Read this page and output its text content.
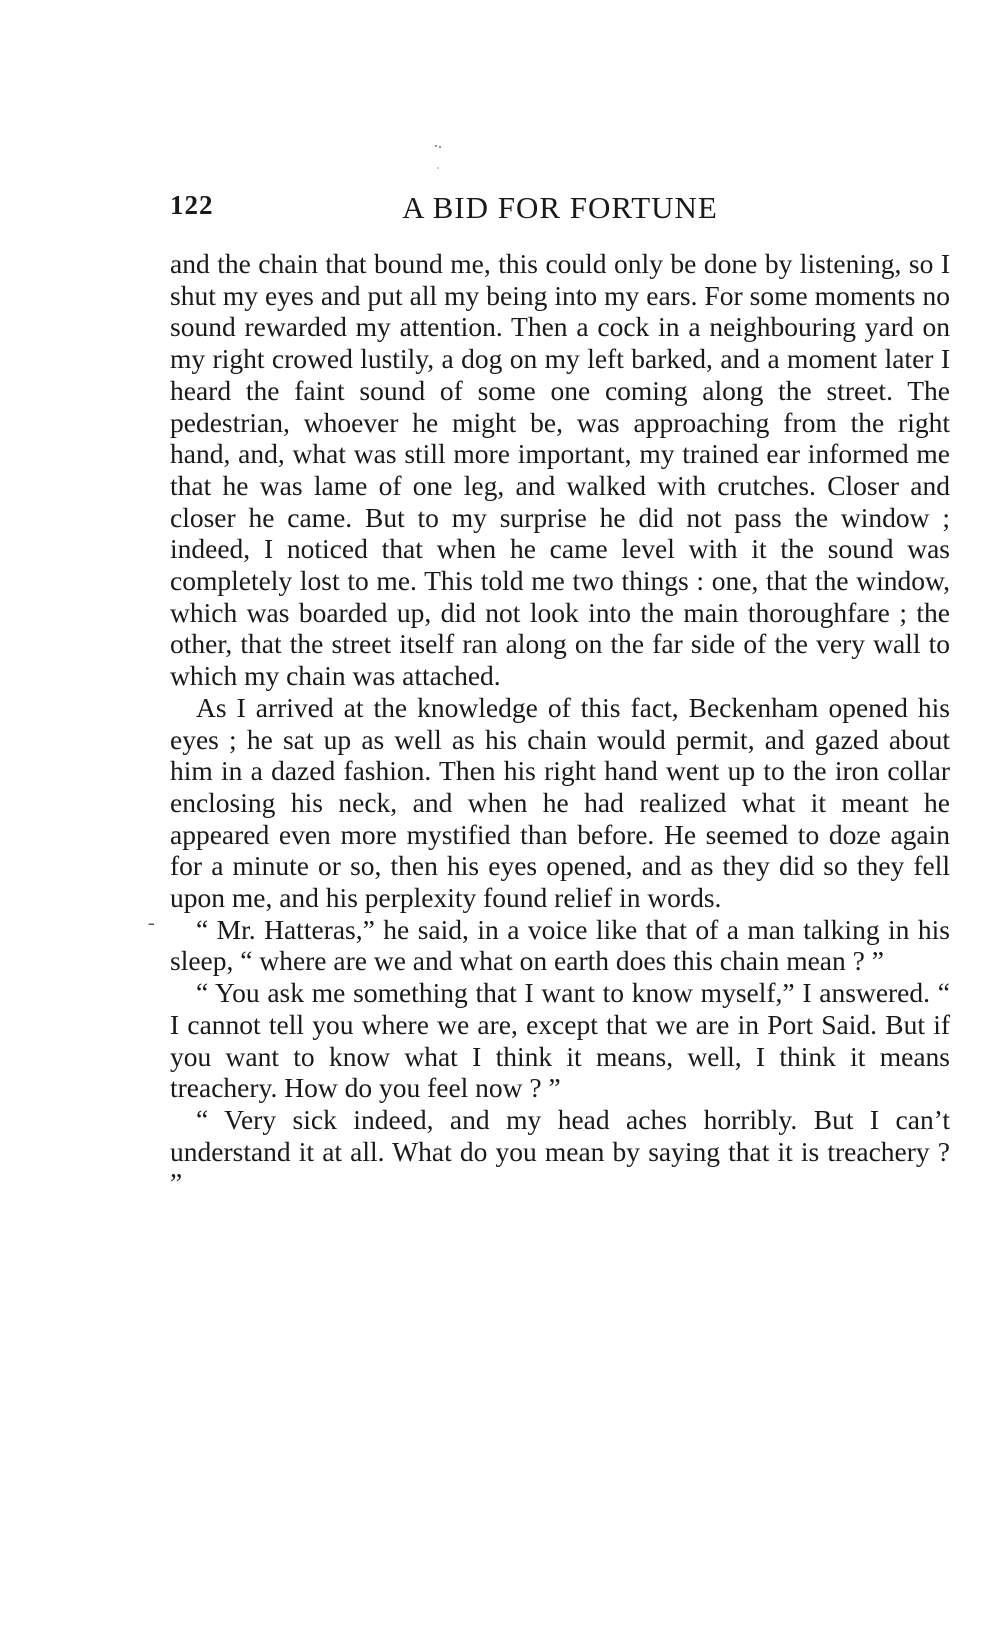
122	A BID FOR FORTUNE
-

and the chain that bound me, this could only be done by listening, so I shut my eyes and put all my being into my ears. For some moments no sound rewarded my attention. Then a cock in a neighbouring yard on my right crowed lustily, a dog on my left barked, and a moment later I heard the faint sound of some one coming along the street. The pedestrian, whoever he might be, was approaching from the right hand, and, what was still more important, my trained ear informed me that he was lame of one leg, and walked with crutches. Closer and closer he came. But to my surprise he did not pass the window ; indeed, I noticed that when he came level with it the sound was completely lost to me. This told me two things : one, that the window, which was boarded up, did not look into the main thoroughfare ; the other, that the street itself ran along on the far side of the very wall to which my chain was attached.

As I arrived at the knowledge of this fact, Beckenham opened his eyes ; he sat up as well as his chain would permit, and gazed about him in a dazed fashion. Then his right hand went up to the iron collar enclosing his neck, and when he had realized what it meant he appeared even more mystified than before. He seemed to doze again for a minute or so, then his eyes opened, and as they did so they fell upon me, and his perplexity found relief in words.

“ Mr. Hatteras,” he said, in a voice like that of a man talking in his sleep, “ where are we and what on earth does this chain mean ? ”

“ You ask me something that I want to know myself,” I answered. “ I cannot tell you where we are, except that we are in Port Said. But if you want to know what I think it means, well, I think it means treachery. How do you feel now ? ”

“ Very sick indeed, and my head aches horribly. But I can’t understand it at all. What do you mean by saying that it is treachery ? ”
